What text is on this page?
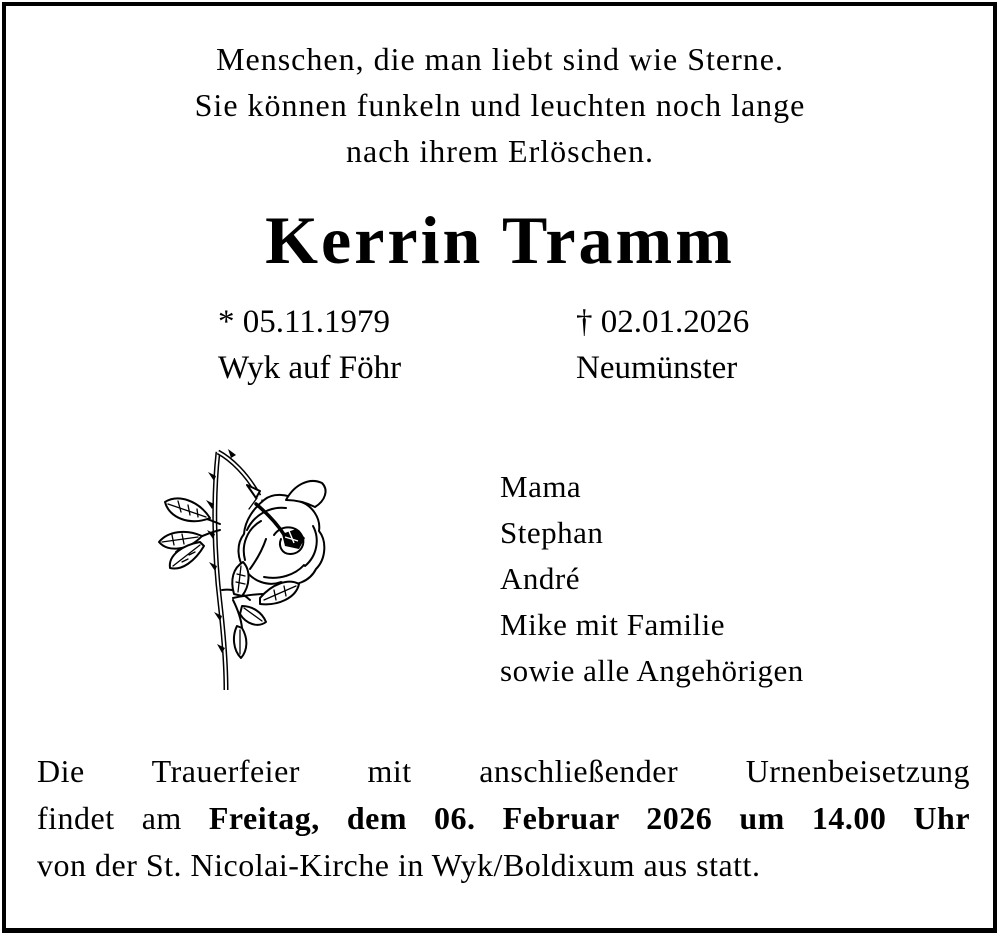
Menschen, die man liebt sind wie Sterne.
Sie können funkeln und leuchten noch lange
nach ihrem Erlöschen.
Kerrin Tramm
* 05.11.1979
Wyk auf Föhr
† 02.01.2026
Neumünster
Mama
Stephan
André
Mike mit Familie
sowie alle Angehörigen
Die Trauerfeier mit anschließender Urnenbeisetzung
findet am Freitag, dem 06. Februar 2026 um 14.00 Uhr
von der St. Nicolai-Kirche in Wyk/Boldixum aus statt.
